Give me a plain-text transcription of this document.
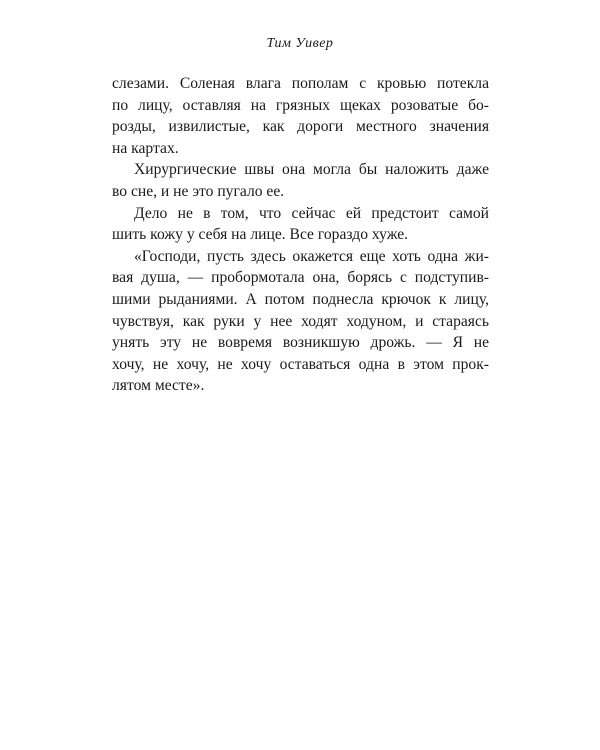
Тим Уивер
слезами. Соленая влага пополам с кровью потекла
по лицу, оставляя на грязных щеках розоватые бо-
розды, извилистые, как дороги местного значения
на картах.
Хирургические швы она могла бы наложить даже
во сне, и не это пугало ее.
Дело не в том, что сейчас ей предстоит самой
шить кожу у себя на лице. Все гораздо хуже.
«Господи, пусть здесь окажется еще хоть одна жи-
вая душа, — пробормотала она, борясь с подступив-
шими рыданиями. А потом поднесла крючок к лицу,
чувствуя, как руки у нее ходят ходуном, и стараясь
унять эту не вовремя возникшую дрожь. — Я не
хочу, не хочу, не хочу оставаться одна в этом прок-
лятом месте».
